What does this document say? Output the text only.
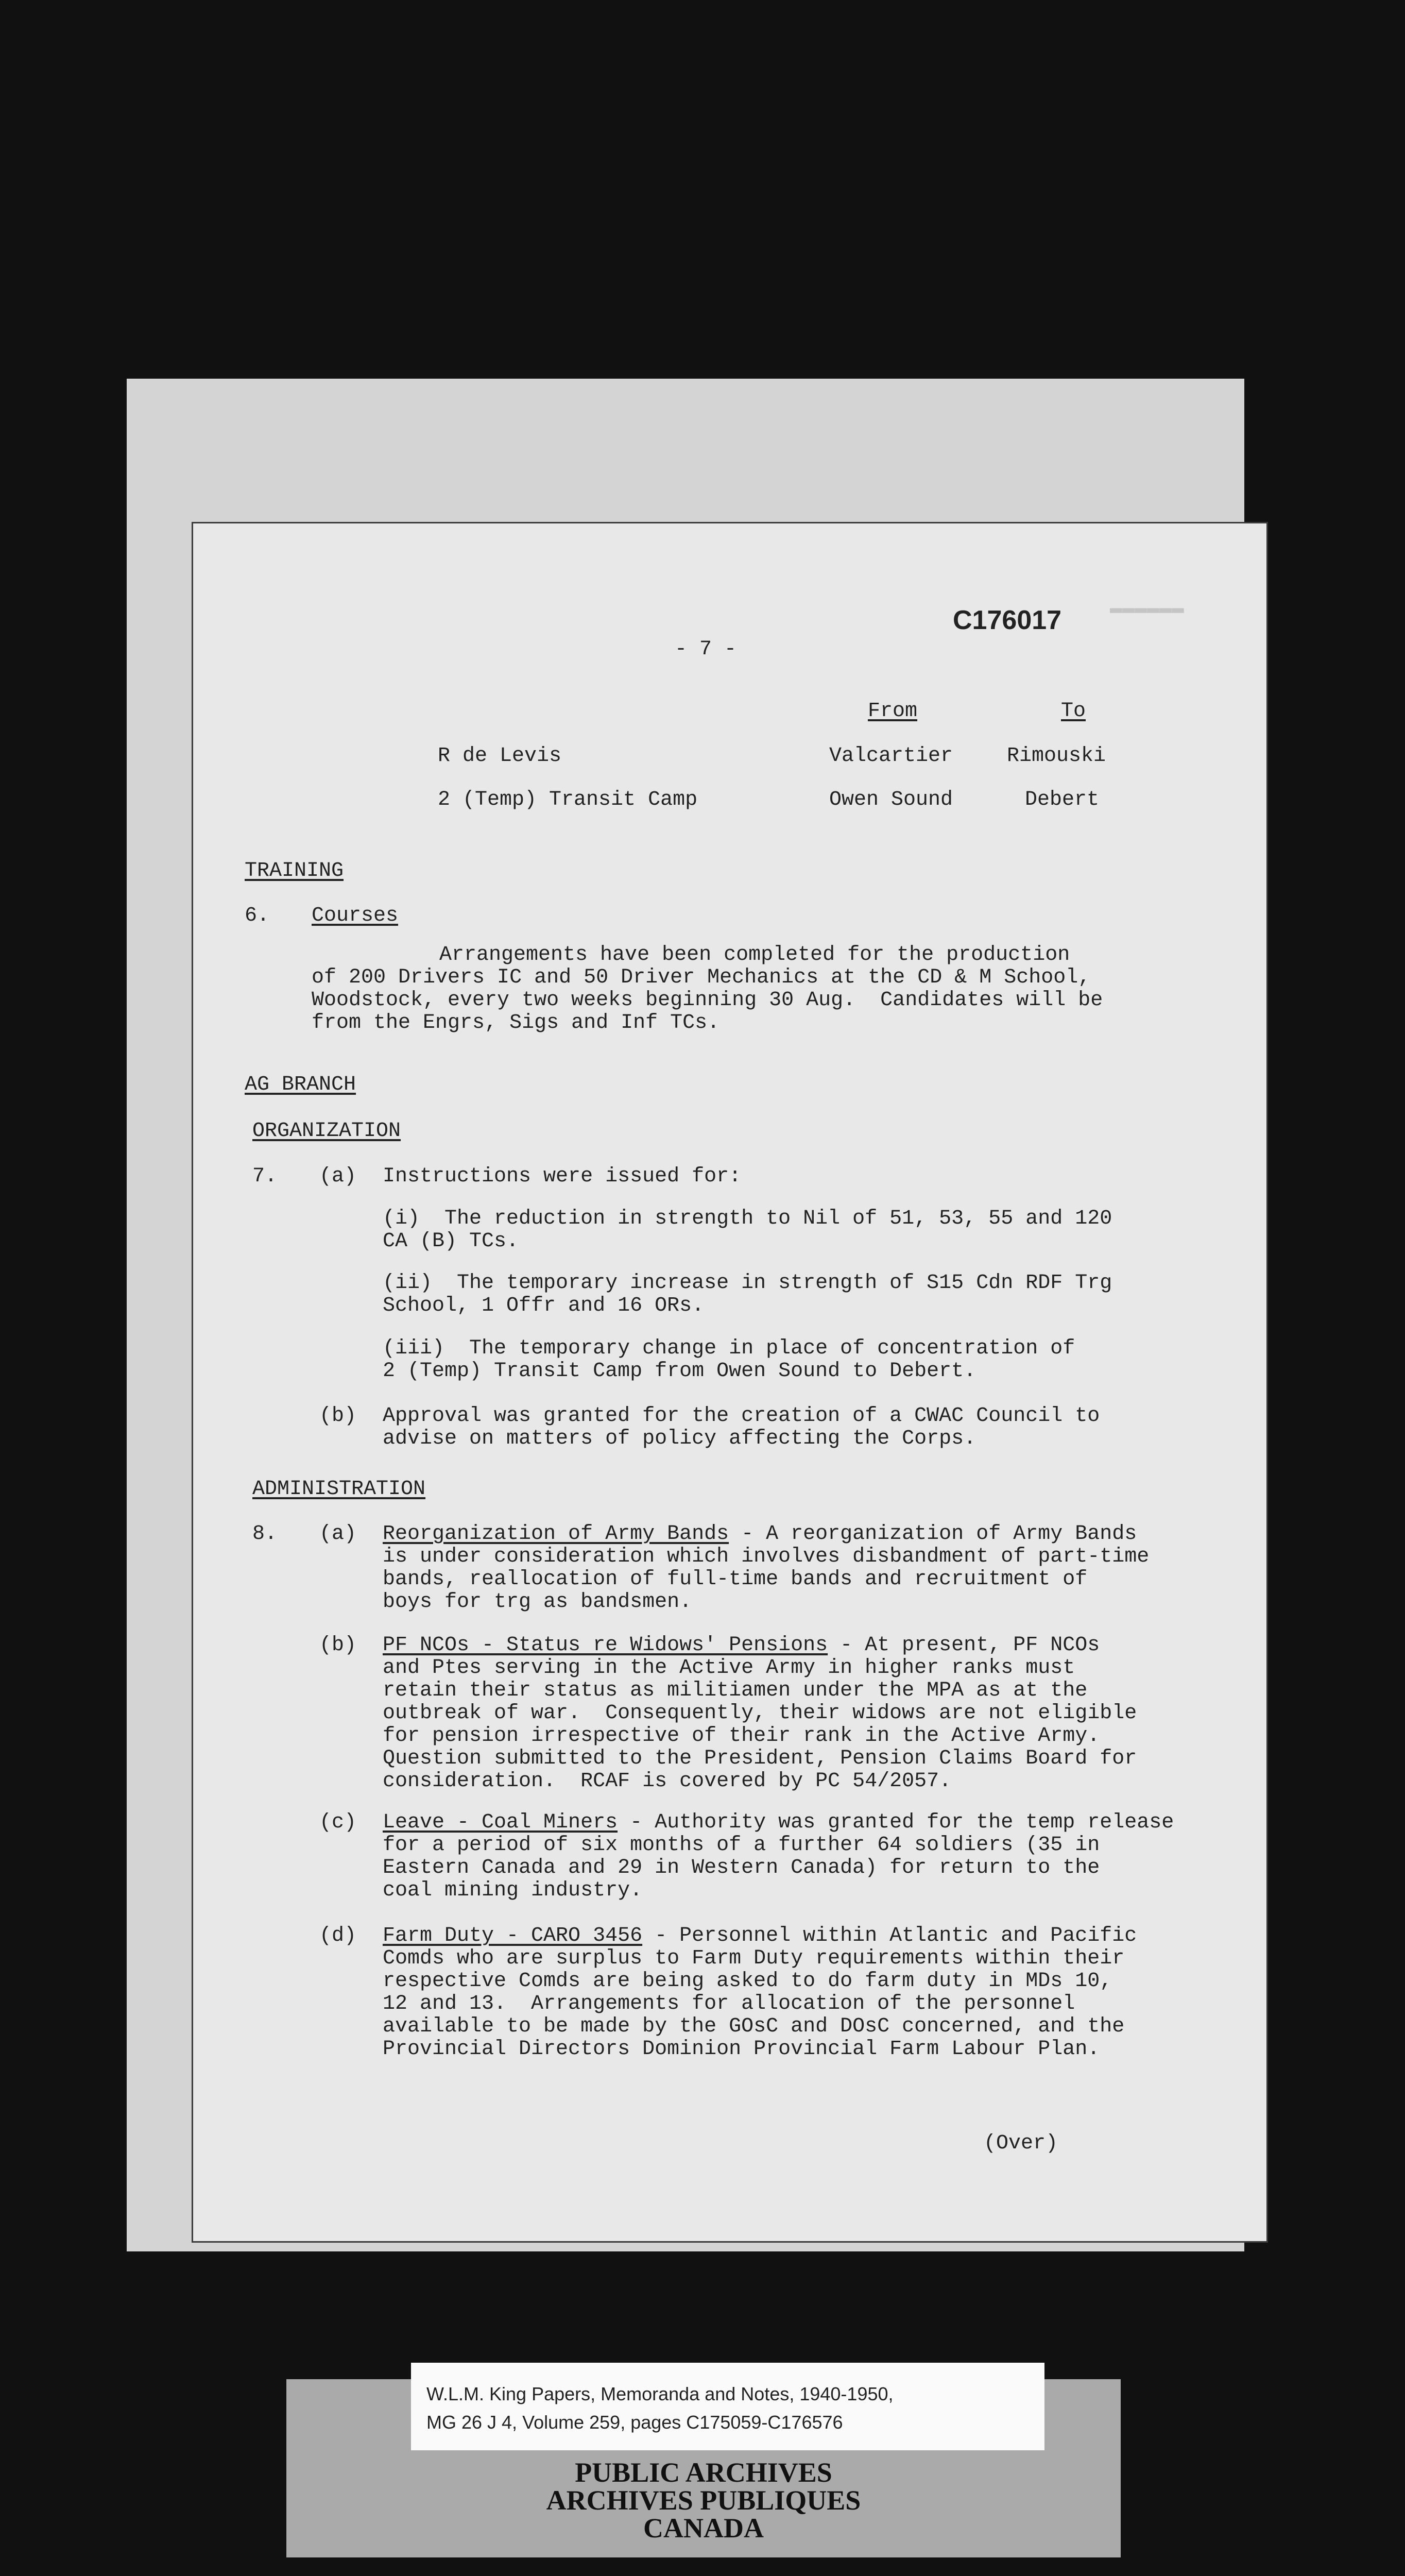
▬▬▬▬▬▬
- 7 -
C176017
From	To
R de Levis	Valcartier	Rimouski
2 (Temp) Transit Camp	Owen Sound	Debert
TRAINING
6. Courses
Arrangements have been completed for the production
of 200 Drivers IC and 50 Driver Mechanics at the CD & M School,
Woodstock, every two weeks beginning 30 Aug.  Candidates will be
from the Engrs, Sigs and Inf TCs.
AG BRANCH
ORGANIZATION
7. (a) Instructions were issued for:
(i)  The reduction in strength to Nil of 51, 53, 55 and 120
CA (B) TCs.
(ii)  The temporary increase in strength of S15 Cdn RDF Trg
School, 1 Offr and 16 ORs.
(iii)  The temporary change in place of concentration of
2 (Temp) Transit Camp from Owen Sound to Debert.
(b) Approval was granted for the creation of a CWAC Council to
advise on matters of policy affecting the Corps.
ADMINISTRATION
8. (a) Reorganization of Army Bands - A reorganization of Army Bands
is under consideration which involves disbandment of part-time
bands, reallocation of full-time bands and recruitment of
boys for trg as bandsmen.
(b) PF NCOs - Status re Widows' Pensions - At present, PF NCOs
and Ptes serving in the Active Army in higher ranks must
retain their status as militiamen under the MPA as at the
outbreak of war.  Consequently, their widows are not eligible
for pension irrespective of their rank in the Active Army.
Question submitted to the President, Pension Claims Board for
consideration.  RCAF is covered by PC 54/2057.
(c) Leave - Coal Miners - Authority was granted for the temp release
for a period of six months of a further 64 soldiers (35 in
Eastern Canada and 29 in Western Canada) for return to the
coal mining industry.
(d) Farm Duty - CARO 3456 - Personnel within Atlantic and Pacific
Comds who are surplus to Farm Duty requirements within their
respective Comds are being asked to do farm duty in MDs 10,
12 and 13.  Arrangements for allocation of the personnel
available to be made by the GOsC and DOsC concerned, and the
Provincial Directors Dominion Provincial Farm Labour Plan.
(Over)
W.L.M. King Papers, Memoranda and Notes, 1940-1950,
MG 26 J 4, Volume 259, pages C175059-C176576
PUBLIC ARCHIVES
ARCHIVES PUBLIQUES
CANADA
